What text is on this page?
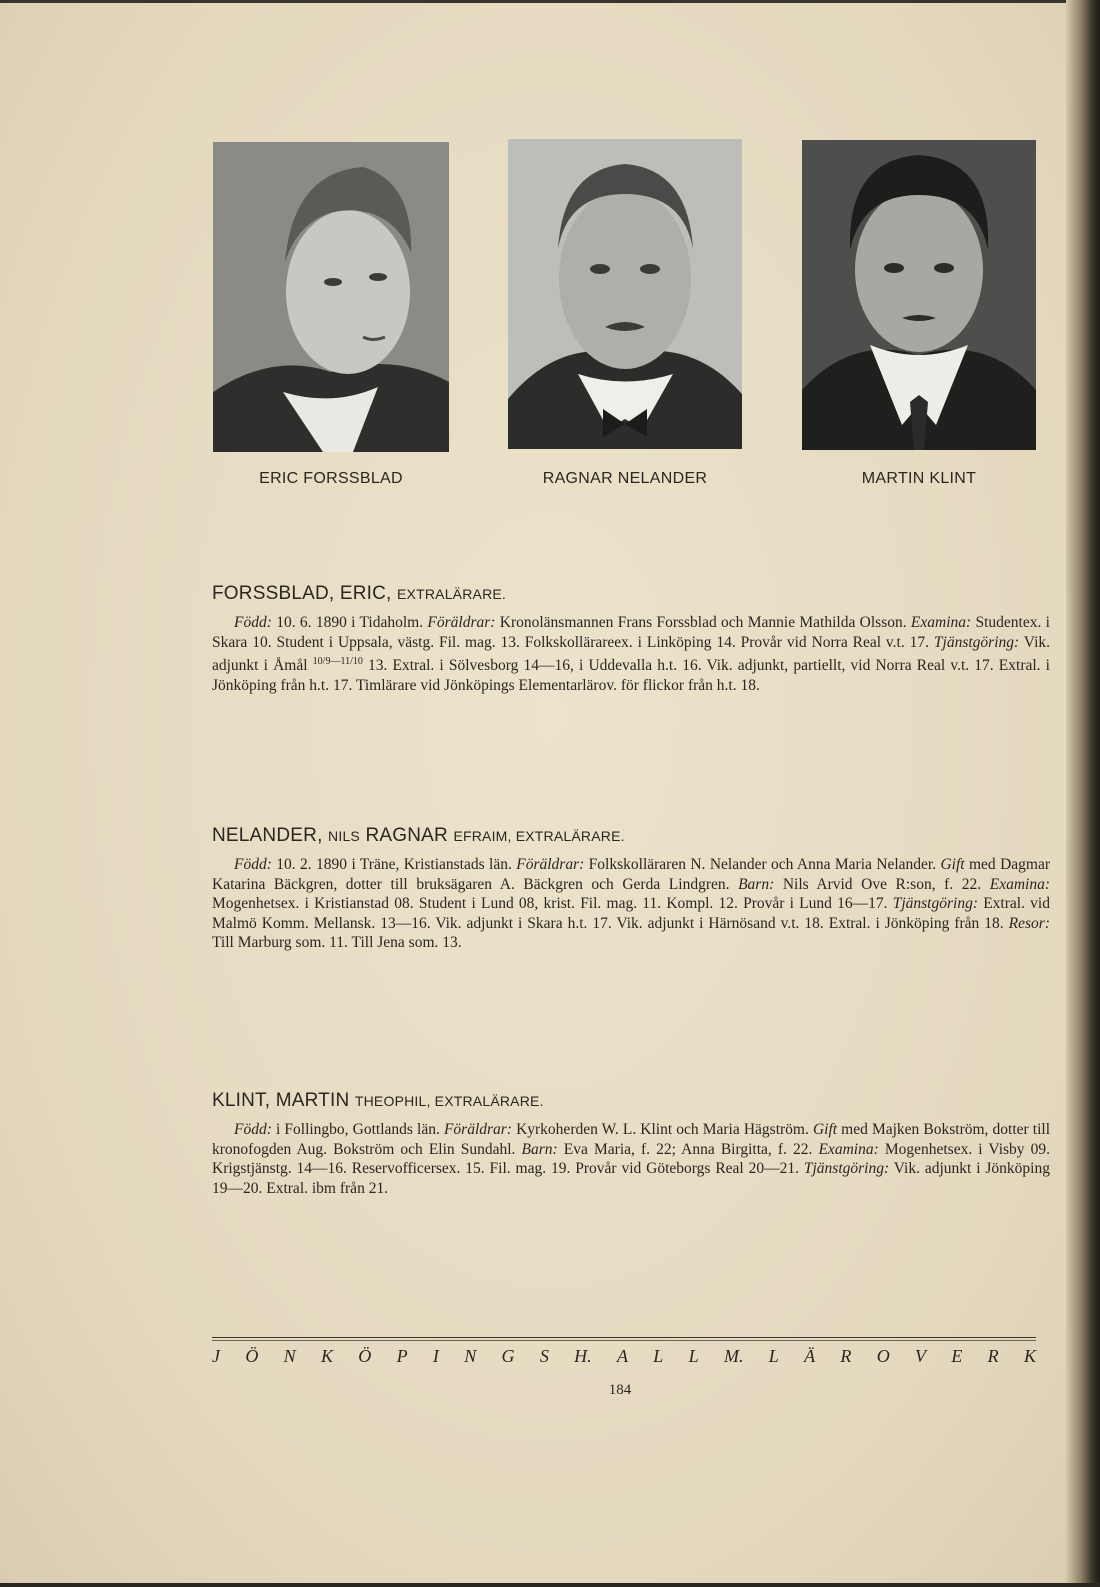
ERIC FORSSBLAD	RAGNAR NELANDER	MARTIN KLINT
FORSSBLAD, ERIC, EXTRALÄRARE.

Född: 10. 6. 1890 i Tidaholm. Föräldrar: Kronolänsmannen Frans Forssblad och Mannie Mathilda Olsson. Examina: Studentex. i Skara 10. Student i Uppsala, västg. Fil. mag. 13. Folkskollärareex. i Linköping 14. Provår vid Norra Real v.t. 17. Tjänstgöring: Vik. adjunkt i Åmål $^{10/9—11/10}$ 13. Extral. i Sölvesborg 14—16, i Uddevalla h.t. 16. Vik. adjunkt, partiellt, vid Norra Real v.t. 17. Extral. i Jönköping från h.t. 17. Timlärare vid Jönköpings Elementarlärov. för flickor från h.t. 18.

NELANDER, NILS RAGNAR EFRAIM, EXTRALÄRARE.

Född: 10. 2. 1890 i Träne, Kristianstads län. Föräldrar: Folkskolläraren N. Nelander och Anna Maria Nelander. Gift med Dagmar Katarina Bäckgren, dotter till bruksägaren A. Bäckgren och Gerda Lindgren. Barn: Nils Arvid Ove R:son, f. 22. Examina: Mogenhetsex. i Kristianstad 08. Student i Lund 08, krist. Fil. mag. 11. Kompl. 12. Provår i Lund 16—17. Tjänstgöring: Extral. vid Malmö Komm. Mellansk. 13—16. Vik. adjunkt i Skara h.t. 17. Vik. adjunkt i Härnösand v.t. 18. Extral. i Jönköping från 18. Resor: Till Marburg som. 11. Till Jena som. 13.

KLINT, MARTIN THEOPHIL, EXTRALÄRARE.

Född: i Follingbo, Gottlands län. Föräldrar: Kyrkoherden W. L. Klint och Maria Hägström. Gift med Majken Bokström, dotter till kronofogden Aug. Bokström och Elin Sundahl. Barn: Eva Maria, f. 22; Anna Birgitta, f. 22. Examina: Mogenhetsex. i Visby 09. Krigstjänstg. 14—16. Reservofficersex. 15. Fil. mag. 19. Provår vid Göteborgs Real 20—21. Tjänstgöring: Vik. adjunkt i Jönköping 19—20. Extral. ibm från 21.

J Ö N K Ö P I N G S H. A L L M. L Ä R O V E R K
184
